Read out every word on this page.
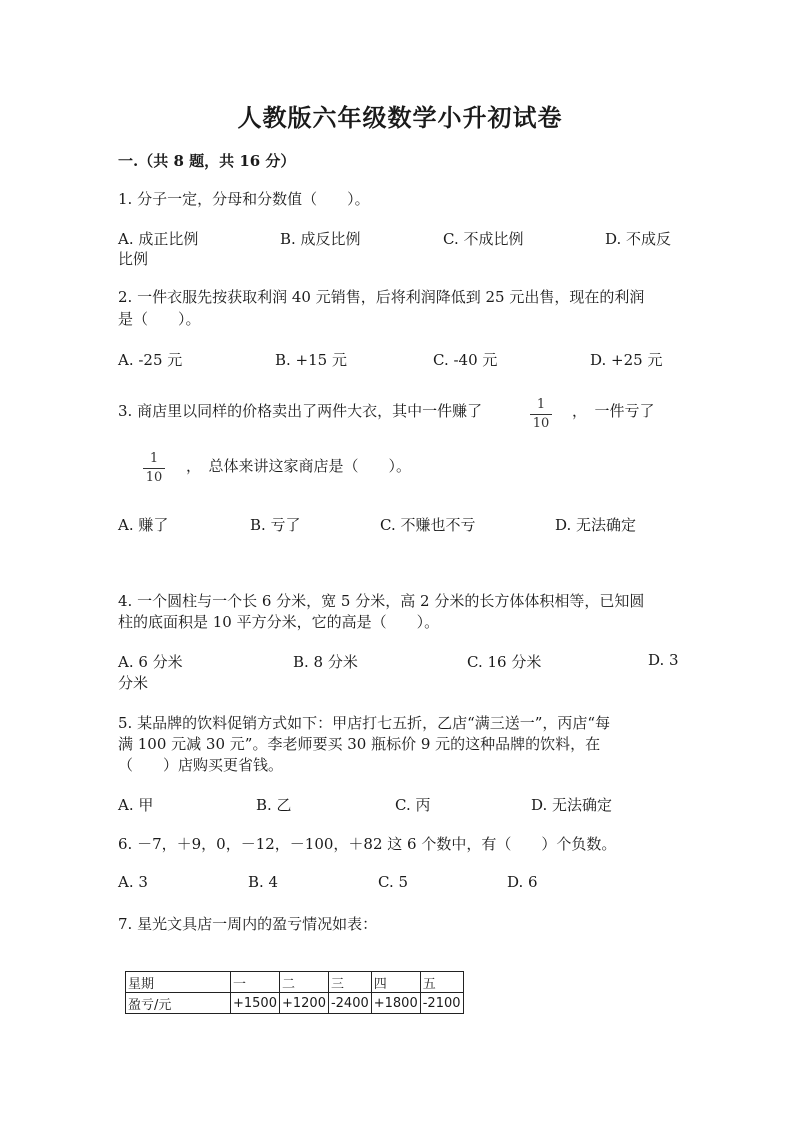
人教版六年级数学小升初试卷
一.（共 8 题，共 16 分）
1. 分子一定，分母和分数值（　　）。
A. 成正比例	B. 成反比例	C. 不成比例	D. 不成反
比例
2. 一件衣服先按获取利润 40 元销售，后将利润降低到 25 元出售，现在的利润
是（　　）。
A. -25 元	B. +15 元	C. -40 元	D. +25 元
3. 商店里以同样的价格卖出了两件大衣，其中一件赚了	1
10
，　一件亏了
1
10
，　总体来讲这家商店是（　　）。
A. 赚了	B. 亏了	C. 不赚也不亏	D. 无法确定
4. 一个圆柱与一个长 6 分米，宽 5 分米，高 2 分米的长方体体积相等，已知圆
柱的底面积是 10 平方分米，它的高是（　　）。
A. 6 分米	B. 8 分米	C. 16 分米	D. 3
分米
5. 某品牌的饮料促销方式如下：甲店打七五折，乙店“满三送一”，丙店“每
满 100 元减 30 元”。李老师要买 30 瓶标价 9 元的这种品牌的饮料，在
（　　）店购买更省钱。
A. 甲	B. 乙	C. 丙	D. 无法确定
6. －7，＋9，0，－12，－100，＋82 这 6 个数中，有（　　）个负数。
A. 3	B. 4	C. 5	D. 6
7. 星光文具店一周内的盈亏情况如表：
星期	一	二	三	四	五
盈亏/元	+1500	+1200	-2400	+1800	-2100
